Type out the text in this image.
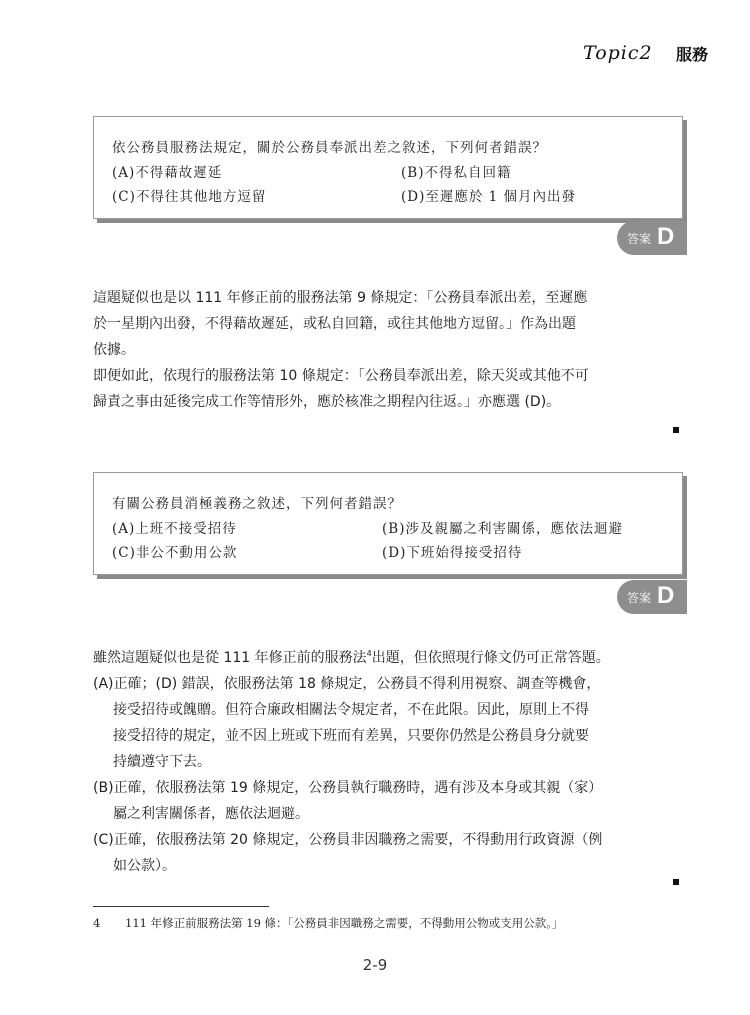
Topic2 服務
依公務員服務法規定，關於公務員奉派出差之敘述，下列何者錯誤？
(A)不得藉故遲延	(B)不得私自回籍
(C)不得往其他地方逗留	(D)至遲應於 1 個月內出發
答案 D
這題疑似也是以 111 年修正前的服務法第 9 條規定：「公務員奉派出差，至遲應
於一星期內出發，不得藉故遲延，或私自回籍，或往其他地方逗留。」作為出題
依據。
即便如此，依現行的服務法第 10 條規定：「公務員奉派出差，除天災或其他不可
歸責之事由延後完成工作等情形外，應於核准之期程內往返。」亦應選 (D)。
有關公務員消極義務之敘述，下列何者錯誤？
(A)上班不接受招待	(B)涉及親屬之利害關係，應依法迴避
(C)非公不動用公款	(D)下班始得接受招待
答案 D
雖然這題疑似也是從 111 年修正前的服務法$^4$出題，但依照現行條文仍可正常答題。
(A)正確；(D) 錯誤，依服務法第 18 條規定，公務員不得利用視察、調查等機會，
接受招待或餽贈。但符合廉政相關法令規定者，不在此限。因此，原則上不得
接受招待的規定，並不因上班或下班而有差異，只要你仍然是公務員身分就要
持續遵守下去。
(B)正確，依服務法第 19 條規定，公務員執行職務時，遇有涉及本身或其親（家）
屬之利害關係者，應依法迴避。
(C)正確，依服務法第 20 條規定，公務員非因職務之需要，不得動用行政資源（例
如公款）。
4 111 年修正前服務法第 19 條：「公務員非因職務之需要，不得動用公物或支用公款。」
2-9
